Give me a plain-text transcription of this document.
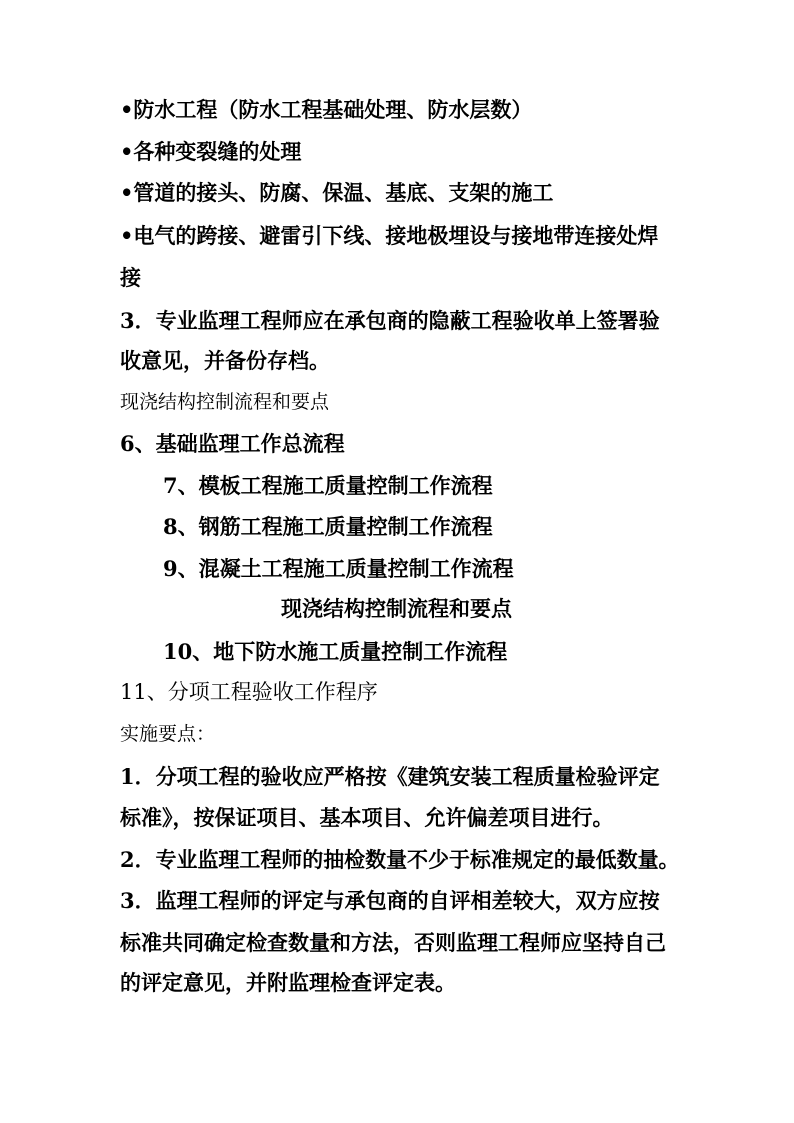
•防水工程（防水工程基础处理、防水层数）
•各种变裂缝的处理
•管道的接头、防腐、保温、基底、支架的施工
•电气的跨接、避雷引下线、接地极埋设与接地带连接处焊
接
3．专业监理工程师应在承包商的隐蔽工程验收单上签署验
收意见，并备份存档。
现浇结构控制流程和要点
6、基础监理工作总流程
7、模板工程施工质量控制工作流程
8、钢筋工程施工质量控制工作流程
9、混凝土工程施工质量控制工作流程
现浇结构控制流程和要点
10、地下防水施工质量控制工作流程
11、分项工程验收工作程序
实施要点：
1．分项工程的验收应严格按《建筑安装工程质量检验评定
标准》，按保证项目、基本项目、允许偏差项目进行。
2．专业监理工程师的抽检数量不少于标准规定的最低数量。
3．监理工程师的评定与承包商的自评相差较大，双方应按
标准共同确定检查数量和方法，否则监理工程师应坚持自己
的评定意见，并附监理检查评定表。
